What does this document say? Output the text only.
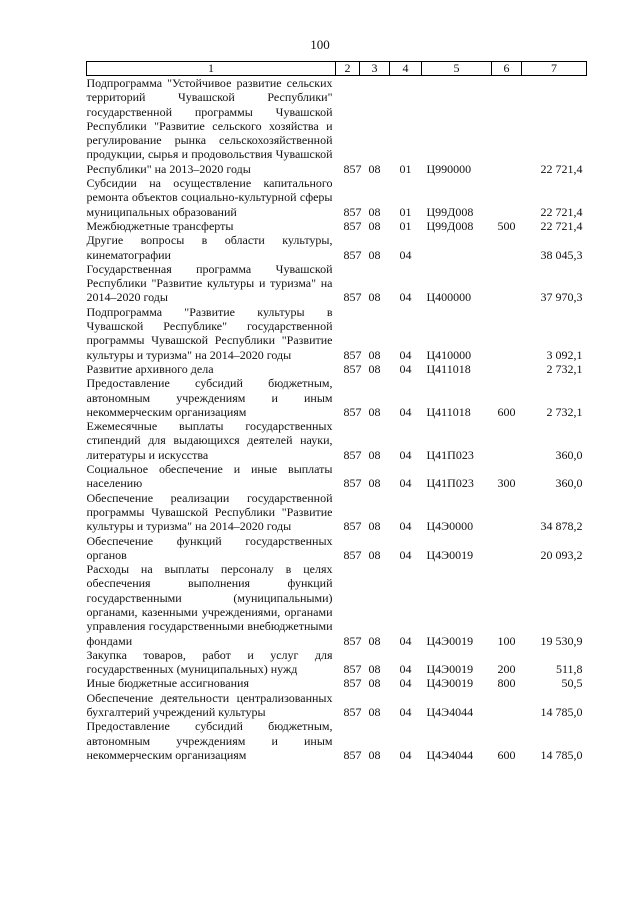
100
1	2	3	4	5	6	7
Подпрограмма "Устойчивое развитие сельских территорий Чувашской Республики" государственной программы Чувашской Республики "Развитие сельского хозяйства и регулирование рынка сельскохозяйственной продукции, сырья и продовольствия Чувашской Республики" на 2013–2020 годы	857	08	01	Ц990000		22 721,4
Субсидии на осуществление капитального ремонта объектов социально-культурной сферы муниципальных образований	857	08	01	Ц99Д008		22 721,4
Межбюджетные трансферты	857	08	01	Ц99Д008	500	22 721,4
Другие вопросы в области культуры, кинематографии	857	08	04			38 045,3
Государственная программа Чувашской Республики "Развитие культуры и туризма" на 2014–2020 годы	857	08	04	Ц400000		37 970,3
Подпрограмма "Развитие культуры в Чувашской Республике" государственной программы Чувашской Республики "Развитие культуры и туризма" на 2014–2020 годы	857	08	04	Ц410000		3 092,1
Развитие архивного дела	857	08	04	Ц411018		2 732,1
Предоставление субсидий бюджетным, автономным учреждениям и иным некоммерческим организациям	857	08	04	Ц411018	600	2 732,1
Ежемесячные выплаты государственных стипендий для выдающихся деятелей науки, литературы и искусства	857	08	04	Ц41П023		360,0
Социальное обеспечение и иные выплаты населению	857	08	04	Ц41П023	300	360,0
Обеспечение реализации государственной программы Чувашской Республики "Развитие культуры и туризма" на 2014–2020 годы	857	08	04	Ц4Э0000		34 878,2
Обеспечение функций государственных органов	857	08	04	Ц4Э0019		20 093,2
Расходы на выплаты персоналу в целях обеспечения выполнения функций государственными (муниципальными) органами, казенными учреждениями, органами управления государственными внебюджетными фондами	857	08	04	Ц4Э0019	100	19 530,9
Закупка товаров, работ и услуг для государственных (муниципальных) нужд	857	08	04	Ц4Э0019	200	511,8
Иные бюджетные ассигнования	857	08	04	Ц4Э0019	800	50,5
Обеспечение деятельности централизованных бухгалтерий учреждений культуры	857	08	04	Ц4Э4044		14 785,0
Предоставление субсидий бюджетным, автономным учреждениям и иным некоммерческим организациям	857	08	04	Ц4Э4044	600	14 785,0
